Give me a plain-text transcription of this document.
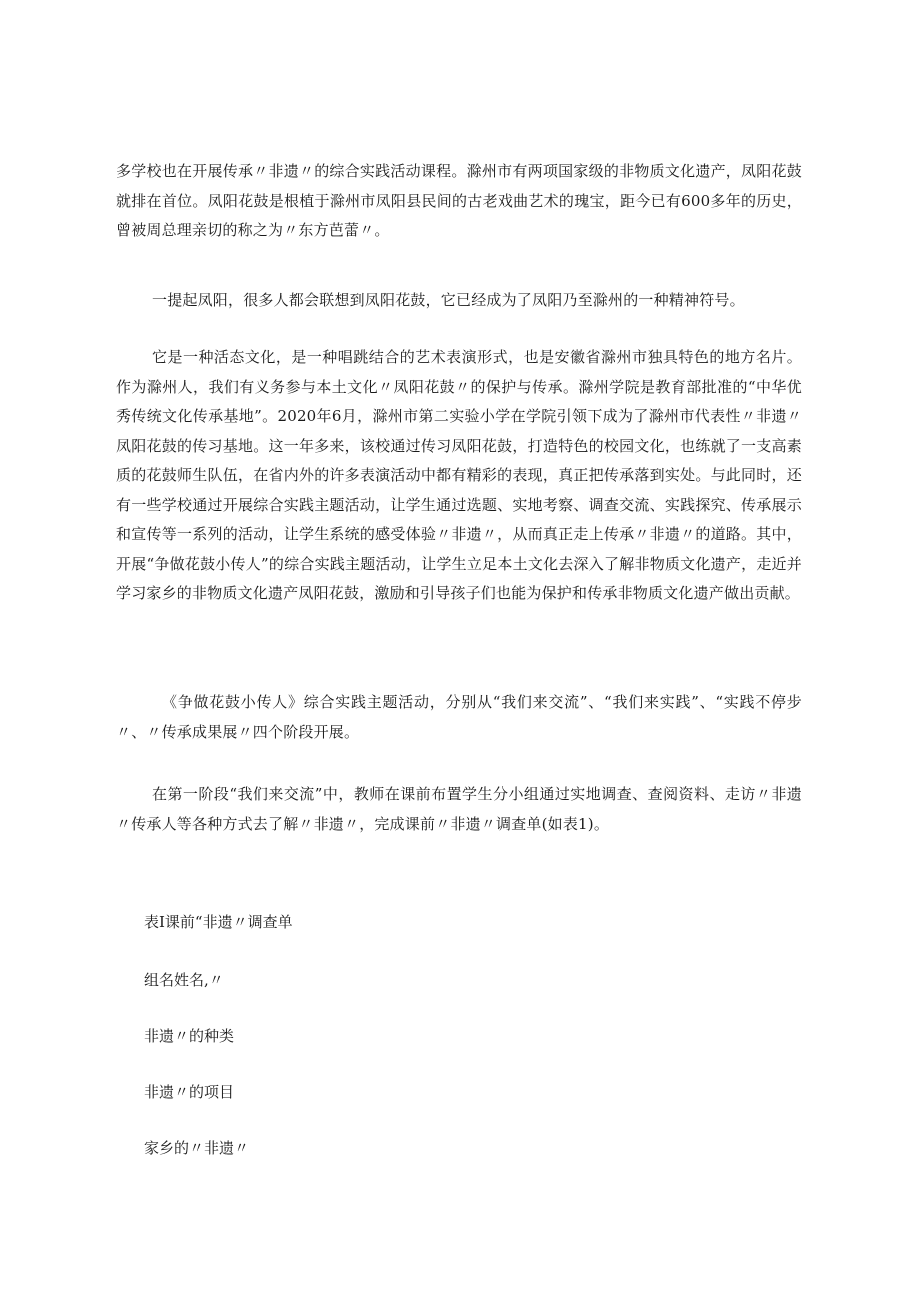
多学校也在开展传承〃非遗〃的综合实践活动课程。滁州市有两项国家级的非物质文化遗产，凤阳花鼓就排在首位。凤阳花鼓是根植于滁州市凤阳县民间的古老戏曲艺术的瑰宝，距今已有600多年的历史，曾被周总理亲切的称之为〃东方芭蕾〃。

一提起凤阳，很多人都会联想到凤阳花鼓，它已经成为了凤阳乃至滁州的一种精神符号。

它是一种活态文化，是一种唱跳结合的艺术表演形式，也是安徽省滁州市独具特色的地方名片。作为滁州人，我们有义务参与本土文化〃凤阳花鼓〃的保护与传承。滁州学院是教育部批准的“中华优秀传统文化传承基地”。2020年6月，滁州市第二实验小学在学院引领下成为了滁州市代表性〃非遗〃凤阳花鼓的传习基地。这一年多来，该校通过传习凤阳花鼓，打造特色的校园文化，也练就了一支高素质的花鼓师生队伍，在省内外的许多表演活动中都有精彩的表现，真正把传承落到实处。与此同时，还有一些学校通过开展综合实践主题活动，让学生通过选题、实地考察、调查交流、实践探究、传承展示和宣传等一系列的活动，让学生系统的感受体验〃非遗〃，从而真正走上传承〃非遗〃的道路。其中，开展“争做花鼓小传人”的综合实践主题活动，让学生立足本土文化去深入了解非物质文化遗产，走近并学习家乡的非物质文化遗产凤阳花鼓，激励和引导孩子们也能为保护和传承非物质文化遗产做出贡献。

《争做花鼓小传人》综合实践主题活动，分别从“我们来交流”、“我们来实践”、“实践不停步〃、〃传承成果展〃四个阶段开展。

在第一阶段“我们来交流”中，教师在课前布置学生分小组通过实地调查、查阅资料、走访〃非遗〃传承人等各种方式去了解〃非遗〃，完成课前〃非遗〃调查单(如表1)。

表I课前“非遗〃调查单

组名姓名,〃

非遗〃的种类

非遗〃的项目

家乡的〃非遗〃
